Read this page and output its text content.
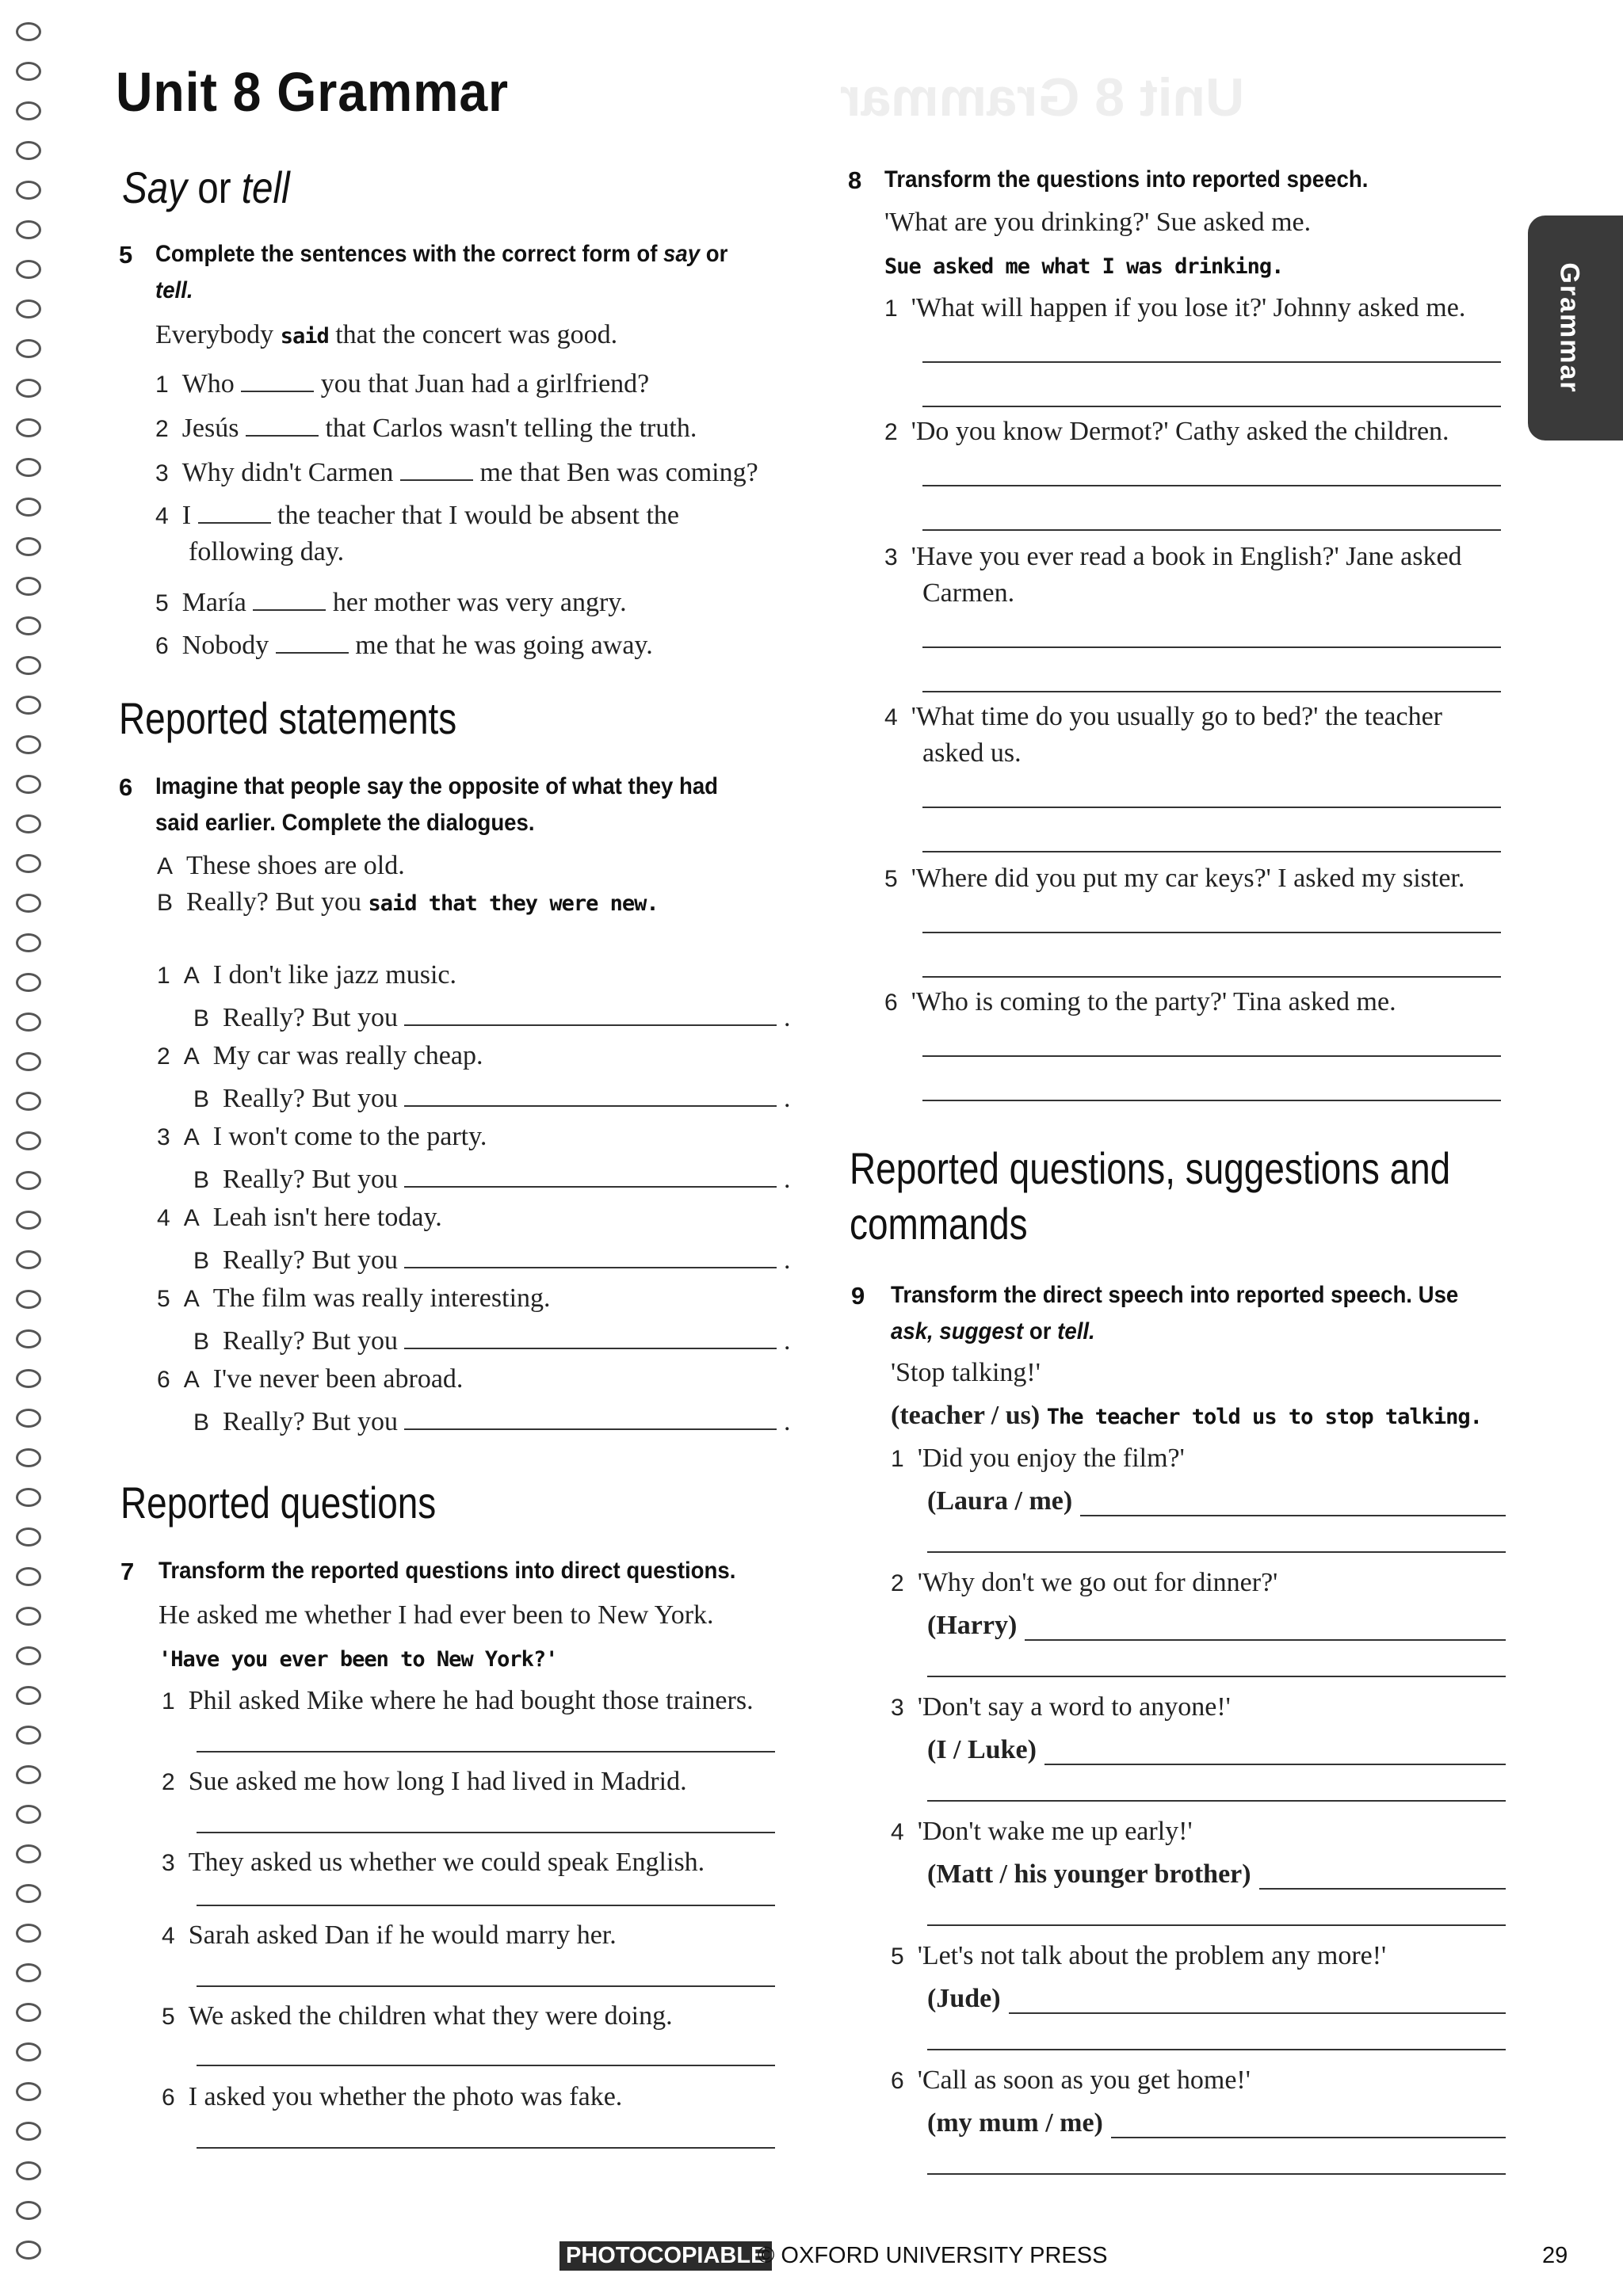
Unit 8 Grammar
Grammar
Unit 8 Grammar
Say or tell
5 Complete the sentences with the correct form of say or
tell.
Everybody said that the concert was good.
Reported statements
6 Imagine that people say the opposite of what they had
said earlier. Complete the dialogues.
A These shoes are old.
B Really? But you said that they were new.
Reported questions
7 Transform the reported questions into direct questions.
He asked me whether I had ever been to New York.
'Have you ever been to New York?'
8 Transform the questions into reported speech.
'What are you drinking?' Sue asked me.
Sue asked me what I was drinking.
Reported questions, suggestions and
commands
9 Transform the direct speech into reported speech. Use
ask, suggest or tell.
'Stop talking!'
(teacher / us) The teacher told us to stop talking.
PHOTOCOPIABLE
© OXFORD UNIVERSITY PRESS	29
1 Who	you that Juan had a girlfriend?
2 Jesús	that Carlos wasn't telling the truth.
3 Why didn't Carmen	me that Ben was coming?
4 I	the teacher that I would be absent the
following day.
5 María	her mother was very angry.
6 Nobody	me that he was going away.
1 A I don't like jazz music.
B Really? But you	.
2 A My car was really cheap.
B Really? But you	.
3 A I won't come to the party.
B Really? But you	.
4 A Leah isn't here today.
B Really? But you	.
5 A The film was really interesting.
B Really? But you	.
6 A I've never been abroad.
B Really? But you	.
1 Phil asked Mike where he had bought those trainers.
2 Sue asked me how long I had lived in Madrid.
3 They asked us whether we could speak English.
4 Sarah asked Dan if he would marry her.
5 We asked the children what they were doing.
6 I asked you whether the photo was fake.
1 'What will happen if you lose it?' Johnny asked me.
2 'Do you know Dermot?' Cathy asked the children.
3 'Have you ever read a book in English?' Jane asked
Carmen.
4 'What time do you usually go to bed?' the teacher
asked us.
5 'Where did you put my car keys?' I asked my sister.
6 'Who is coming to the party?' Tina asked me.
1 'Did you enjoy the film?'
(Laura / me)
2 'Why don't we go out for dinner?'
(Harry)
3 'Don't say a word to anyone!'
(I / Luke)
4 'Don't wake me up early!'
(Matt / his younger brother)
5 'Let's not talk about the problem any more!'
(Jude)
6 'Call as soon as you get home!'
(my mum / me)
